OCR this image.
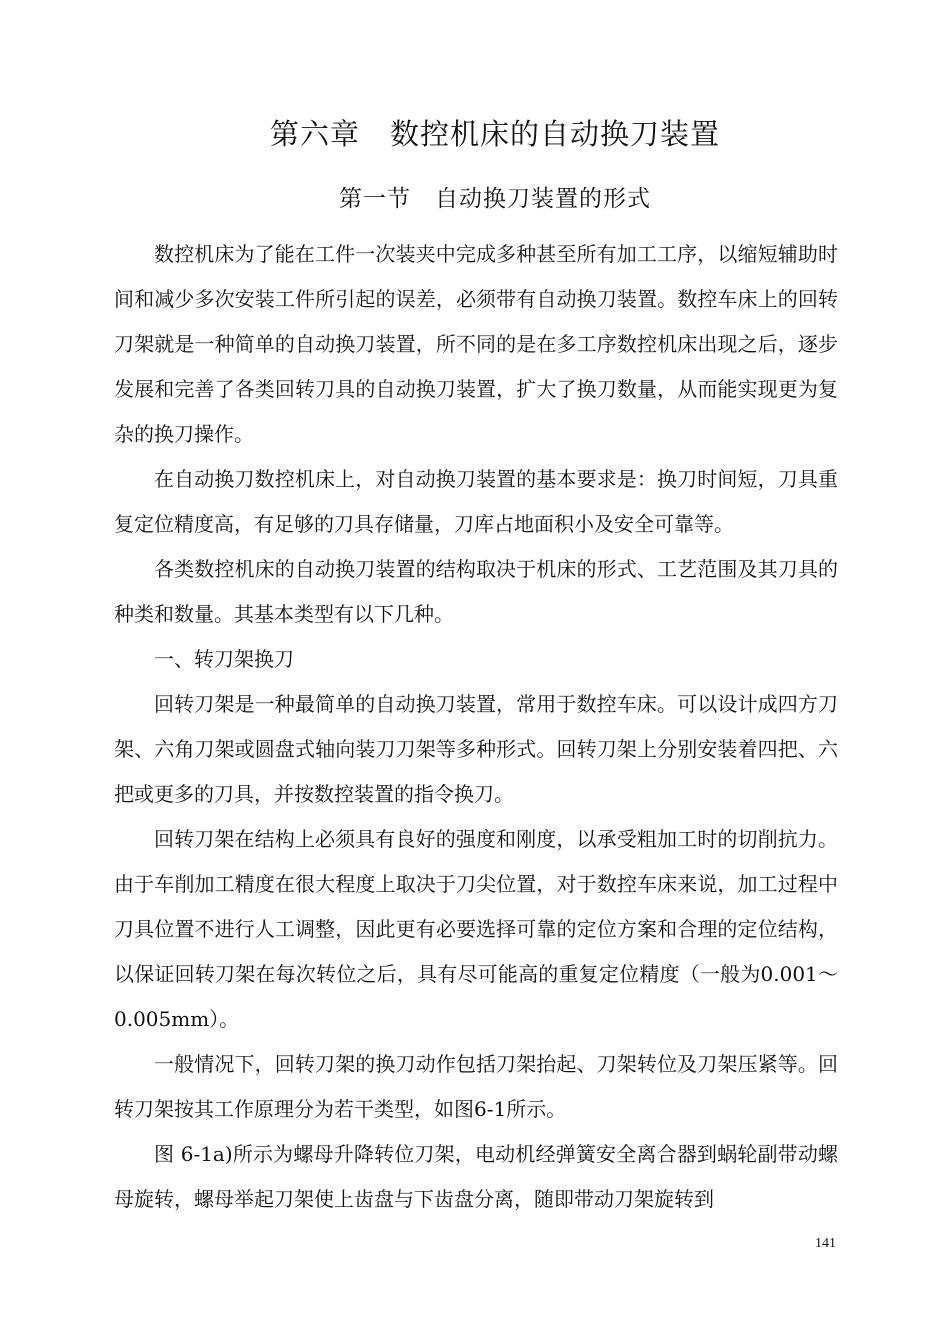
第六章　数控机床的自动换刀装置
第一节　自动换刀装置的形式

数控机床为了能在工件一次装夹中完成多种甚至所有加工工序，以缩短辅助时间和减少多次安装工件所引起的误差，必须带有自动换刀装置。数控车床上的回转刀架就是一种简单的自动换刀装置，所不同的是在多工序数控机床出现之后，逐步发展和完善了各类回转刀具的自动换刀装置，扩大了换刀数量，从而能实现更为复杂的换刀操作。

在自动换刀数控机床上，对自动换刀装置的基本要求是：换刀时间短，刀具重复定位精度高，有足够的刀具存储量，刀库占地面积小及安全可靠等。

各类数控机床的自动换刀装置的结构取决于机床的形式、工艺范围及其刀具的种类和数量。其基本类型有以下几种。

一、转刀架换刀

回转刀架是一种最简单的自动换刀装置，常用于数控车床。可以设计成四方刀架、六角刀架或圆盘式轴向装刀刀架等多种形式。回转刀架上分别安装着四把、六把或更多的刀具，并按数控装置的指令换刀。

回转刀架在结构上必须具有良好的强度和刚度，以承受粗加工时的切削抗力。由于车削加工精度在很大程度上取决于刀尖位置，对于数控车床来说，加工过程中刀具位置不进行人工调整，因此更有必要选择可靠的定位方案和合理的定位结构，以保证回转刀架在每次转位之后，具有尽可能高的重复定位精度（一般为0.001～0.005mm）。

一般情况下，回转刀架的换刀动作包括刀架抬起、刀架转位及刀架压紧等。回转刀架按其工作原理分为若干类型，如图6-1所示。

图 6-1a)所示为螺母升降转位刀架，电动机经弹簧安全离合器到蜗轮副带动螺母旋转，螺母举起刀架使上齿盘与下齿盘分离，随即带动刀架旋转到

141
